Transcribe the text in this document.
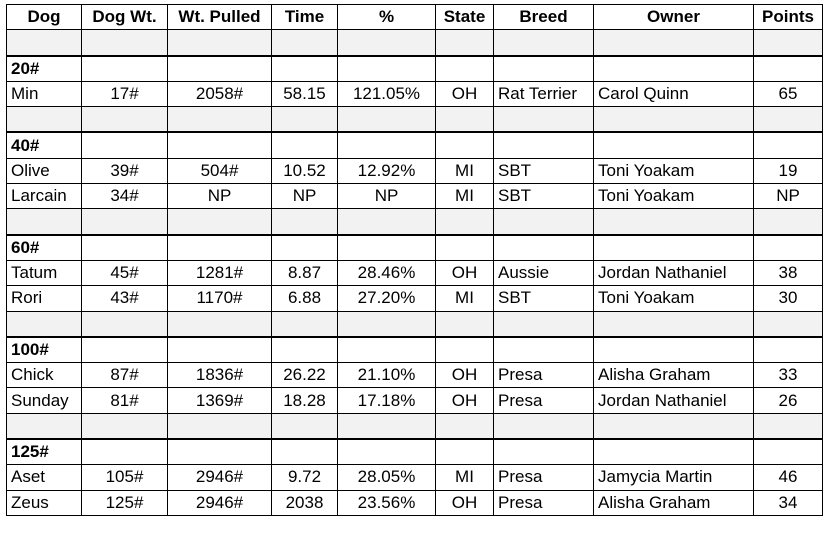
Dog	Dog Wt.	Wt. Pulled	Time	%	State	Breed	Owner	Points

20#								
Min	17#	2058#	58.15	121.05%	OH	Rat Terrier	Carol Quinn	65

40#								
Olive	39#	504#	10.52	12.92%	MI	SBT	Toni Yoakam	19
Larcain	34#	NP	NP	NP	MI	SBT	Toni Yoakam	NP

60#								
Tatum	45#	1281#	8.87	28.46%	OH	Aussie	Jordan Nathaniel	38
Rori	43#	1170#	6.88	27.20%	MI	SBT	Toni Yoakam	30

100#								
Chick	87#	1836#	26.22	21.10%	OH	Presa	Alisha Graham	33
Sunday	81#	1369#	18.28	17.18%	OH	Presa	Jordan Nathaniel	26

125#								
Aset	105#	2946#	9.72	28.05%	MI	Presa	Jamycia Martin	46
Zeus	125#	2946#	2038	23.56%	OH	Presa	Alisha Graham	34
